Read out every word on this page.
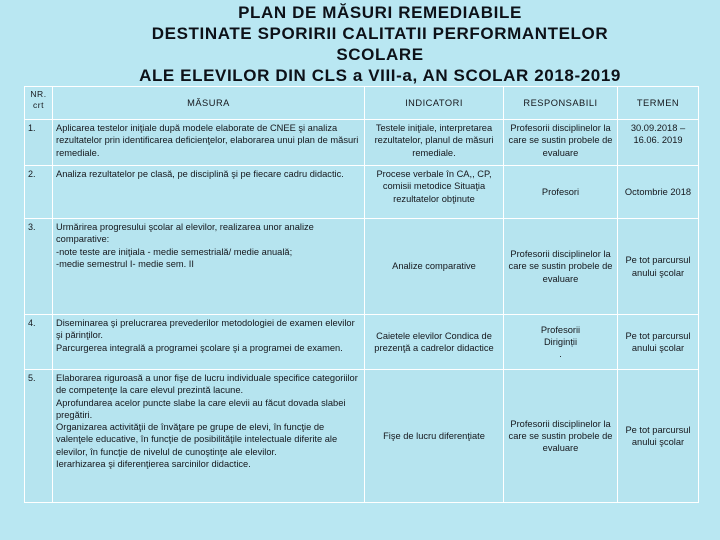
PLAN DE MĂSURI REMEDIABILE
DESTINATE SPORIRII CALITATII PERFORMANTELOR
SCOLARE
ALE ELEVILOR DIN CLS a VIII-a, AN SCOLAR 2018-2019
NR. crt	MĂSURA	INDICATORI	RESPONSABILI	TERMEN
1.	Aplicarea testelor iniţiale după modele elaborate de CNEE şi analiza rezultatelor prin identificarea deficienţelor, elaborarea unui plan de măsuri remediale.	Testele iniţiale, interpretarea rezultatelor, planul de măsuri remediale.	Profesorii disciplinelor la care se sustin probele de evaluare	30.09.2018 – 16.06. 2019
2.	Analiza rezultatelor pe clasă, pe disciplină şi pe fiecare cadru didactic.	Procese verbale în CA,, CP, comisii metodice Situaţia rezultatelor obţinute	Profesori	Octombrie 2018
3.	Urmărirea progresului şcolar al elevilor, realizarea unor analize comparative:
-note teste are iniţiala - medie semestrială/ medie anuală;
-medie semestrul I- medie sem. II	Analize comparative	Profesorii disciplinelor la care se sustin probele de evaluare	Pe tot parcursul anului şcolar
4.	Diseminarea şi prelucrarea prevederilor metodologiei de examen elevilor şi părinţilor.
Parcurgerea integrală a programei şcolare şi a programei de examen.	Caietele elevilor Condica de prezenţă a cadrelor didactice	Profesorii
Diriginții
.	Pe tot parcursul anului şcolar
5.	Elaborarea riguroasă a unor fişe de lucru individuale specifice categoriilor de competenţe la care elevul prezintă lacune.
Aprofundarea acelor puncte slabe la care elevii au făcut dovada slabei pregătiri.
Organizarea activităţii de învăţare pe grupe de elevi, în funcţie de valenţele educative, în funcţie de posibilităţile intelectuale diferite ale elevilor, în funcţie de nivelul de cunoştinţe ale elevilor.
Ierarhizarea şi diferenţierea sarcinilor didactice.	Fişe de lucru diferenţiate	Profesorii disciplinelor la care se sustin probele de evaluare	Pe tot parcursul anului şcolar
